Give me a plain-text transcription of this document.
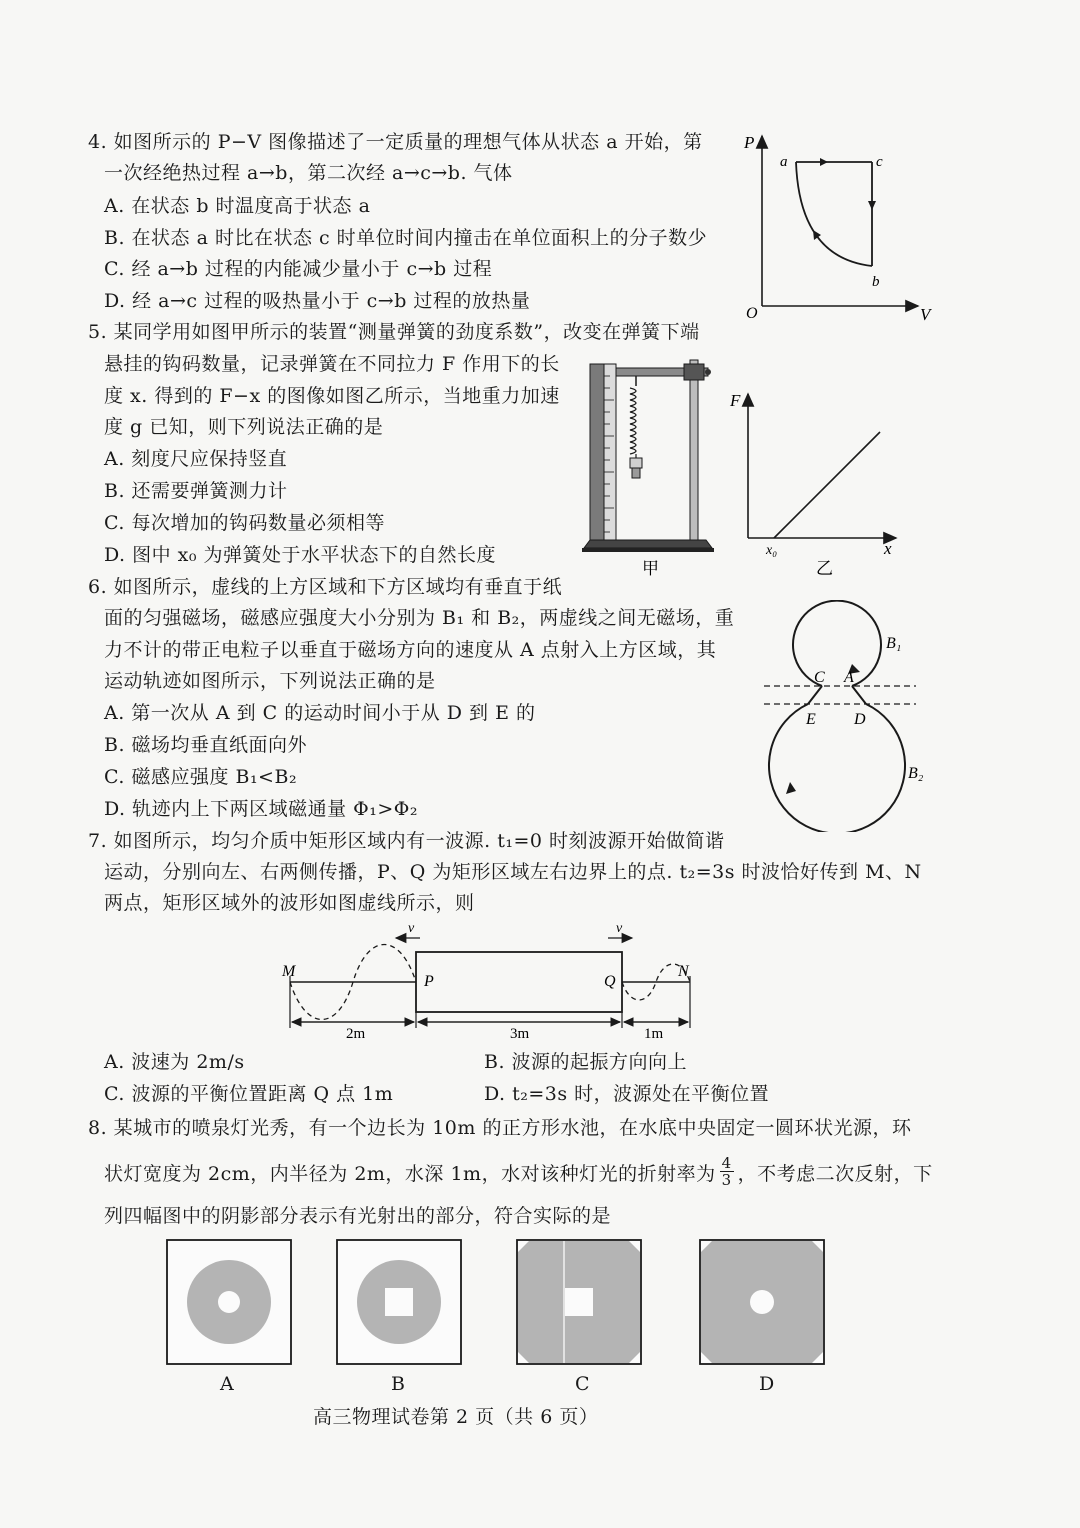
4. 如图所示的 P−V 图像描述了一定质量的理想气体从状态 a 开始，第
一次经绝热过程 a→b，第二次经 a→c→b. 气体
A. 在状态 b 时温度高于状态 a
B. 在状态 a 时比在状态 c 时单位时间内撞击在单位面积上的分子数少
C. 经 a→b 过程的内能减少量小于 c→b 过程
D. 经 a→c 过程的吸热量小于 c→b 过程的放热量
P
V
O
a	c
b
5. 某同学用如图甲所示的装置“测量弹簧的劲度系数”，改变在弹簧下端
悬挂的钩码数量，记录弹簧在不同拉力 F 作用下的长
度 x. 得到的 F−x 的图像如图乙所示，当地重力加速
度 g 已知，则下列说法正确的是
A. 刻度尺应保持竖直
B. 还需要弹簧测力计
C. 每次增加的钩码数量必须相等
D. 图中 x₀ 为弹簧处于水平状态下的自然长度
甲
F
x
x₀
乙
6. 如图所示，虚线的上方区域和下方区域均有垂直于纸
面的匀强磁场，磁感应强度大小分别为 B₁ 和 B₂，两虚线之间无磁场，重
力不计的带正电粒子以垂直于磁场方向的速度从 A 点射入上方区域，其
运动轨迹如图所示，下列说法正确的是
A. 第一次从 A 到 C 的运动时间小于从 D 到 E 的
B. 磁场均垂直纸面向外
C. 磁感应强度 B₁<B₂
D. 轨迹内上下两区域磁通量 Φ₁>Φ₂
B₁
B₂
C A
E D
7. 如图所示，均匀介质中矩形区域内有一波源. t₁=0 时刻波源开始做简谐
运动，分别向左、右两侧传播，P、Q 为矩形区域左右边界上的点. t₂=3s 时波恰好传到 M、N
两点，矩形区域外的波形如图虚线所示，则
v	v
M
P	Q
N
2m	3m	1m
A. 波速为 2m/s	B. 波源的起振方向向上
C. 波源的平衡位置距离 Q 点 1m	D. t₂=3s 时，波源处在平衡位置
8. 某城市的喷泉灯光秀，有一个边长为 10m 的正方形水池，在水底中央固定一圆环状光源，环
状灯宽度为 2cm，内半径为 2m，水深 1m，水对该种灯光的折射率为 $\frac{4}{3}$ ，不考虑二次反射，下
列四幅图中的阴影部分表示有光射出的部分，符合实际的是
A	B	C	D
高三物理试卷第 2 页（共 6 页）
